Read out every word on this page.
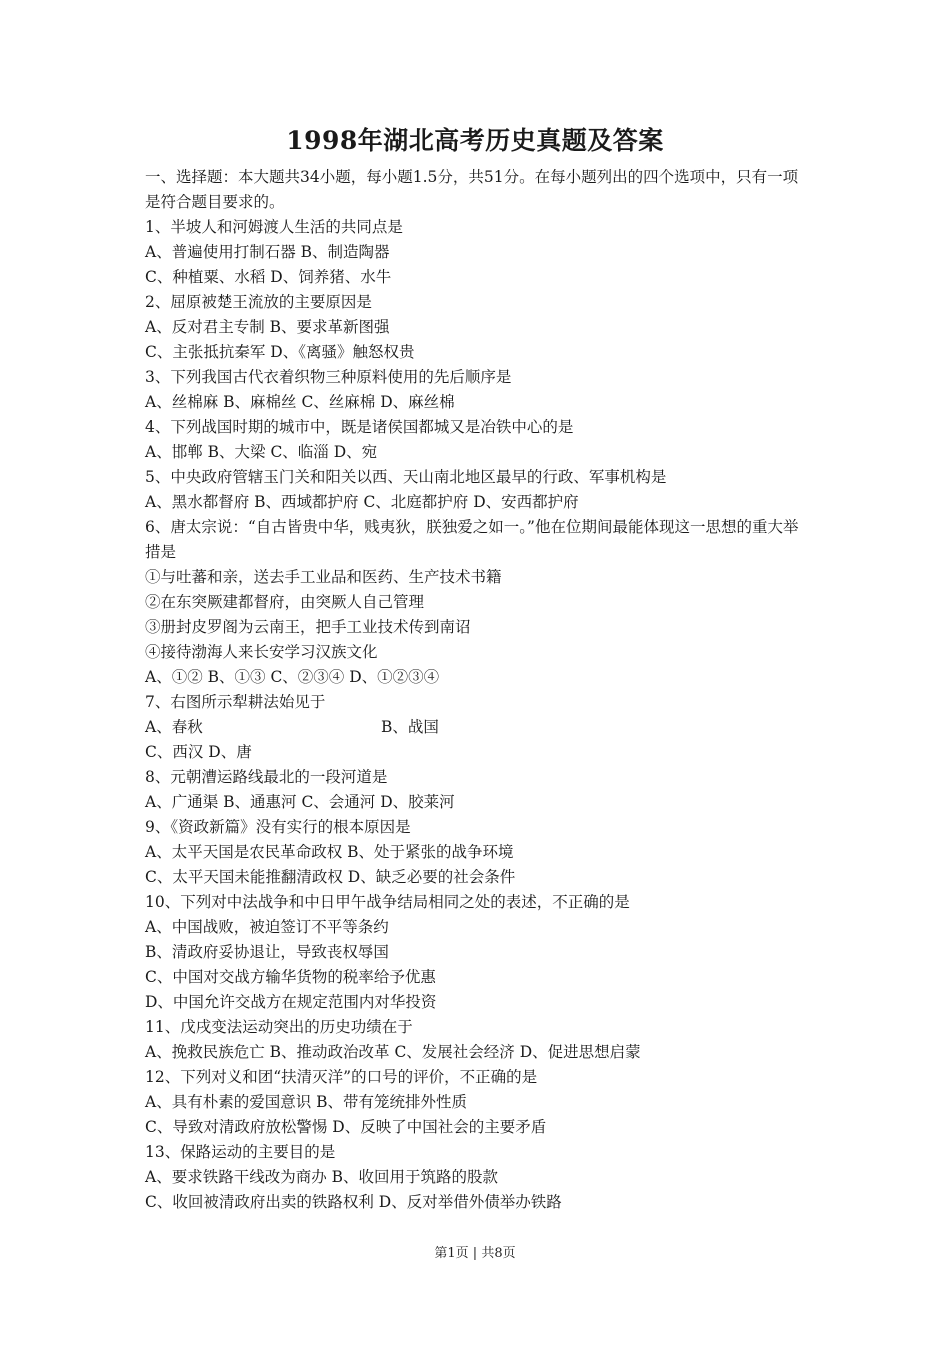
1998年湖北高考历史真题及答案
一、选择题：本大题共34小题，每小题1.5分，共51分。在每小题列出的四个选项中，只有一项是符合题目要求的。
1、半坡人和河姆渡人生活的共同点是
A、普遍使用打制石器 B、制造陶器
C、种植粟、水稻 D、饲养猪、水牛
2、屈原被楚王流放的主要原因是
A、反对君主专制 B、要求革新图强
C、主张抵抗秦军 D、《离骚》触怒权贵
3、下列我国古代衣着织物三种原料使用的先后顺序是
A、丝棉麻 B、麻棉丝 C、丝麻棉 D、麻丝棉
4、下列战国时期的城市中，既是诸侯国都城又是冶铁中心的是
A、邯郸 B、大梁 C、临淄 D、宛
5、中央政府管辖玉门关和阳关以西、天山南北地区最早的行政、军事机构是
A、黑水都督府 B、西域都护府 C、北庭都护府 D、安西都护府
6、唐太宗说：“自古皆贵中华，贱夷狄，朕独爱之如一。”他在位期间最能体现这一思想的重大举措是
①与吐蕃和亲，送去手工业品和医药、生产技术书籍
②在东突厥建都督府，由突厥人自己管理
③册封皮罗阁为云南王，把手工业技术传到南诏
④接待渤海人来长安学习汉族文化
A、①② B、①③ C、②③④ D、①②③④
7、右图所示犁耕法始见于
A、春秋	B、战国
C、西汉 D、唐
8、元朝漕运路线最北的一段河道是
A、广通渠 B、通惠河 C、会通河 D、胶莱河
9、《资政新篇》没有实行的根本原因是
A、太平天国是农民革命政权 B、处于紧张的战争环境
C、太平天国未能推翻清政权 D、缺乏必要的社会条件
10、下列对中法战争和中日甲午战争结局相同之处的表述，不正确的是
A、中国战败，被迫签订不平等条约
B、清政府妥协退让，导致丧权辱国
C、中国对交战方输华货物的税率给予优惠
D、中国允许交战方在规定范围内对华投资
11、戊戌变法运动突出的历史功绩在于
A、挽救民族危亡 B、推动政治改革 C、发展社会经济 D、促进思想启蒙
12、下列对义和团“扶清灭洋”的口号的评价，不正确的是
A、具有朴素的爱国意识 B、带有笼统排外性质
C、导致对清政府放松警惕 D、反映了中国社会的主要矛盾
13、保路运动的主要目的是
A、要求铁路干线改为商办 B、收回用于筑路的股款
C、收回被清政府出卖的铁路权利 D、反对举借外债举办铁路
第1页 | 共8页
